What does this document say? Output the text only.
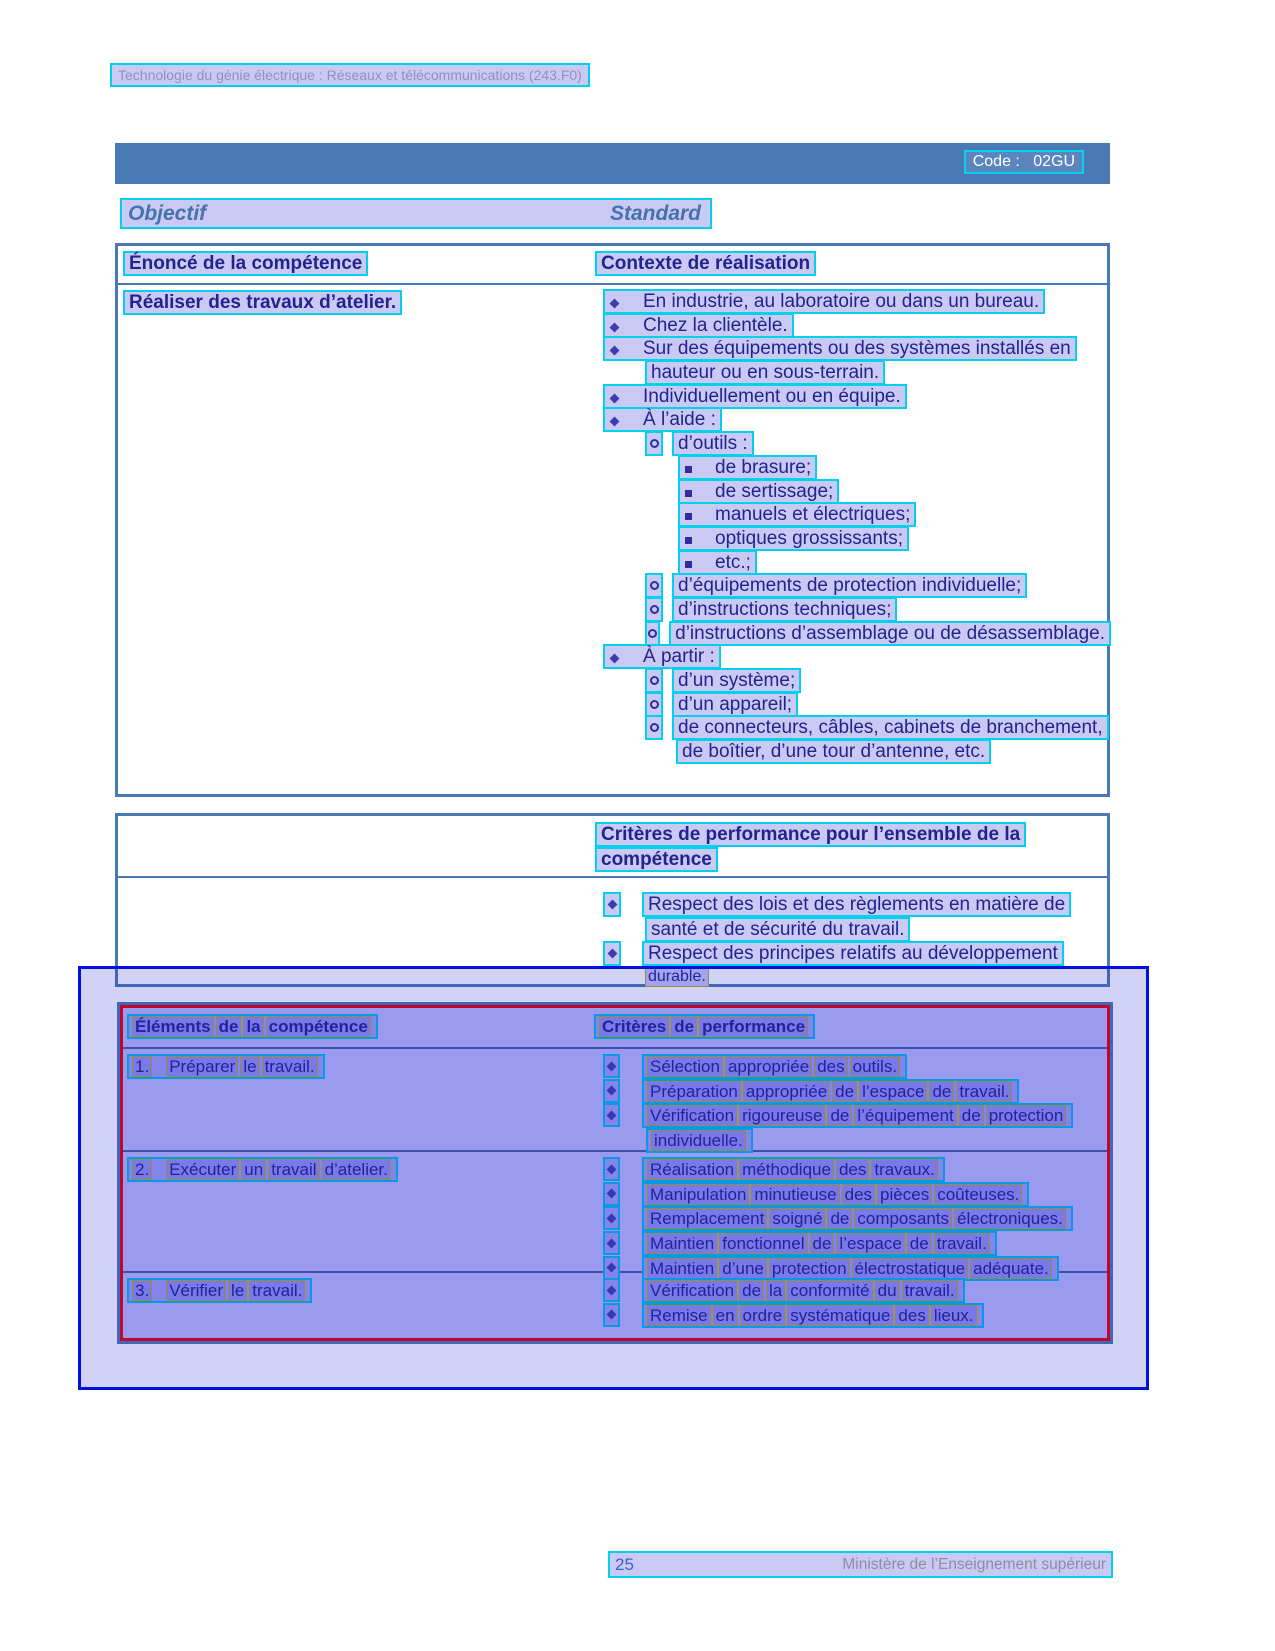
Technologie du génie électrique : Réseaux et télécommunications (243.F0)
Code :   02GU
Objectif	Standard
Énoncé de la compétence	Contexte de réalisation
Réaliser des travaux d’atelier.	En industrie, au laboratoire ou dans un bureau.
Chez la clientèle.
Sur des équipements ou des systèmes installés en
hauteur ou en sous-terrain.
Individuellement ou en équipe.
À l’aide :
d’outils :
de brasure;
de sertissage;
manuels et électriques;
optiques grossissants;
etc.;
d’équipements de protection individuelle;
d’instructions techniques;
d’instructions d’assemblage ou de désassemblage.
À partir :
d’un système;
d’un appareil;
de connecteurs, câbles, cabinets de branchement,
de boîtier, d’une tour d’antenne, etc.
Critères de performance pour l’ensemble de la
compétence
Respect des lois et des règlements en matière de
santé et de sécurité du travail.
Respect des principes relatifs au développement
durable.
Éléments de la compétence	Critères de performance
1. Préparer le travail.	Sélection appropriée des outils.
Préparation appropriée de l’espace de travail.
Vérification rigoureuse de l’équipement de protection
individuelle.
2. Exécuter un travail d’atelier.	Réalisation méthodique des travaux.
Manipulation minutieuse des pièces coûteuses.
Remplacement soigné de composants électroniques.
Maintien fonctionnel de l’espace de travail.
Maintien d’une protection électrostatique adéquate.
3. Vérifier le travail.	Vérification de la conformité du travail.
Remise en ordre systématique des lieux.
25	Ministère de l’Enseignement supérieur
